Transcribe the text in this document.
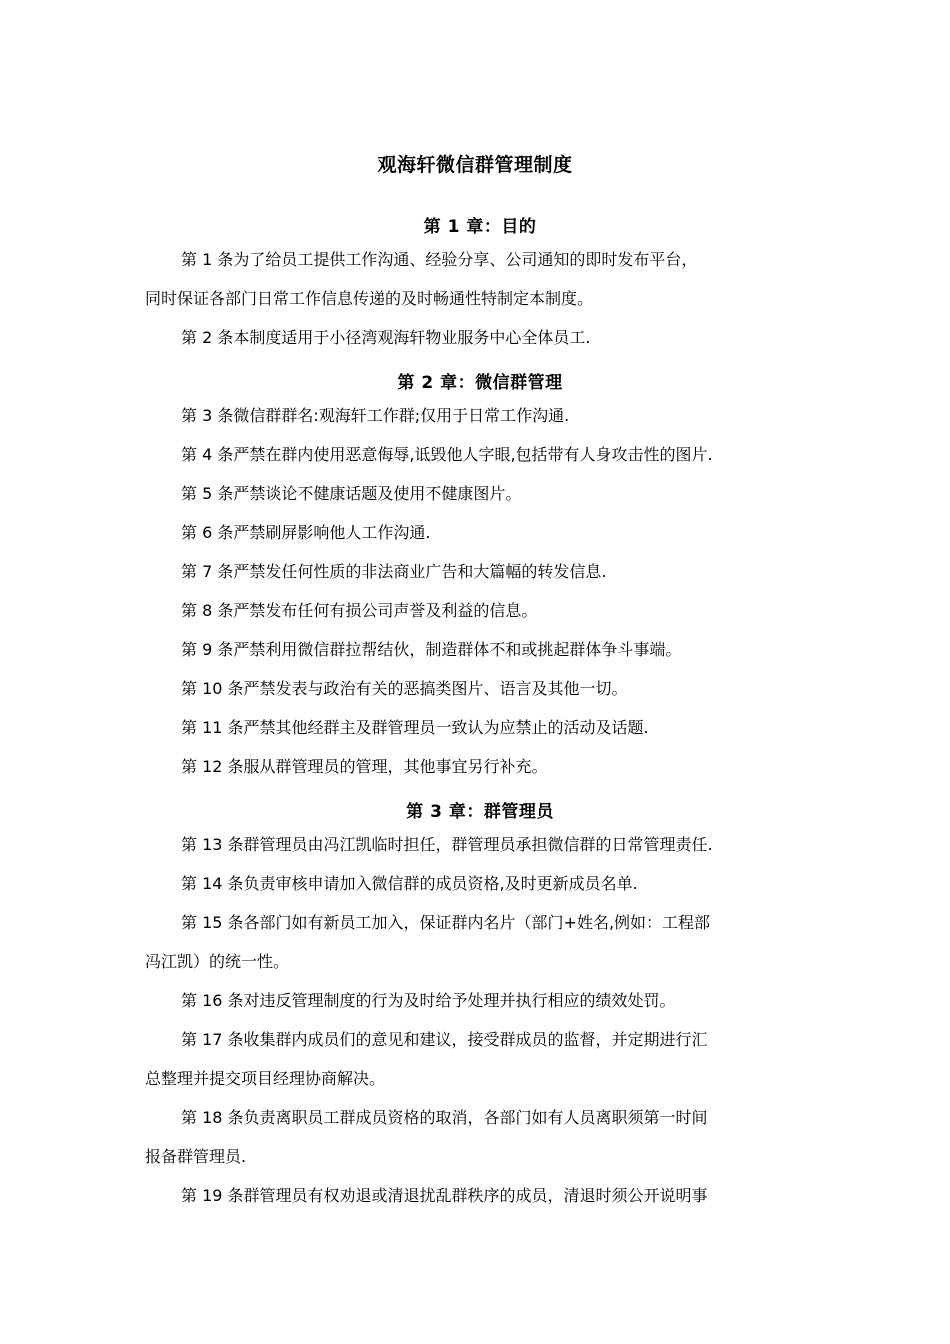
观海轩微信群管理制度
第 1 章：目的
第 1 条为了给员工提供工作沟通、经验分享、公司通知的即时发布平台，
同时保证各部门日常工作信息传递的及时畅通性特制定本制度。
第 2 条本制度适用于小径湾观海轩物业服务中心全体员工.
第 2 章：微信群管理
第 3 条微信群群名:观海轩工作群;仅用于日常工作沟通.
第 4 条严禁在群内使用恶意侮辱,诋毁他人字眼,包括带有人身攻击性的图片.
第 5 条严禁谈论不健康话题及使用不健康图片。
第 6 条严禁刷屏影响他人工作沟通.
第 7 条严禁发任何性质的非法商业广告和大篇幅的转发信息.
第 8 条严禁发布任何有损公司声誉及利益的信息。
第 9 条严禁利用微信群拉帮结伙，制造群体不和或挑起群体争斗事端。
第 10 条严禁发表与政治有关的恶搞类图片、语言及其他一切。
第 11 条严禁其他经群主及群管理员一致认为应禁止的活动及话题.
第 12 条服从群管理员的管理，其他事宜另行补充。
第 3 章：群管理员
第 13 条群管理员由冯江凯临时担任，群管理员承担微信群的日常管理责任.
第 14 条负责审核申请加入微信群的成员资格,及时更新成员名单.
第 15 条各部门如有新员工加入，保证群内名片（部门+姓名,例如：工程部
冯江凯）的统一性。
第 16 条对违反管理制度的行为及时给予处理并执行相应的绩效处罚。
第 17 条收集群内成员们的意见和建议，接受群成员的监督，并定期进行汇
总整理并提交项目经理协商解决。
第 18 条负责离职员工群成员资格的取消，各部门如有人员离职须第一时间
报备群管理员.
第 19 条群管理员有权劝退或清退扰乱群秩序的成员，清退时须公开说明事
